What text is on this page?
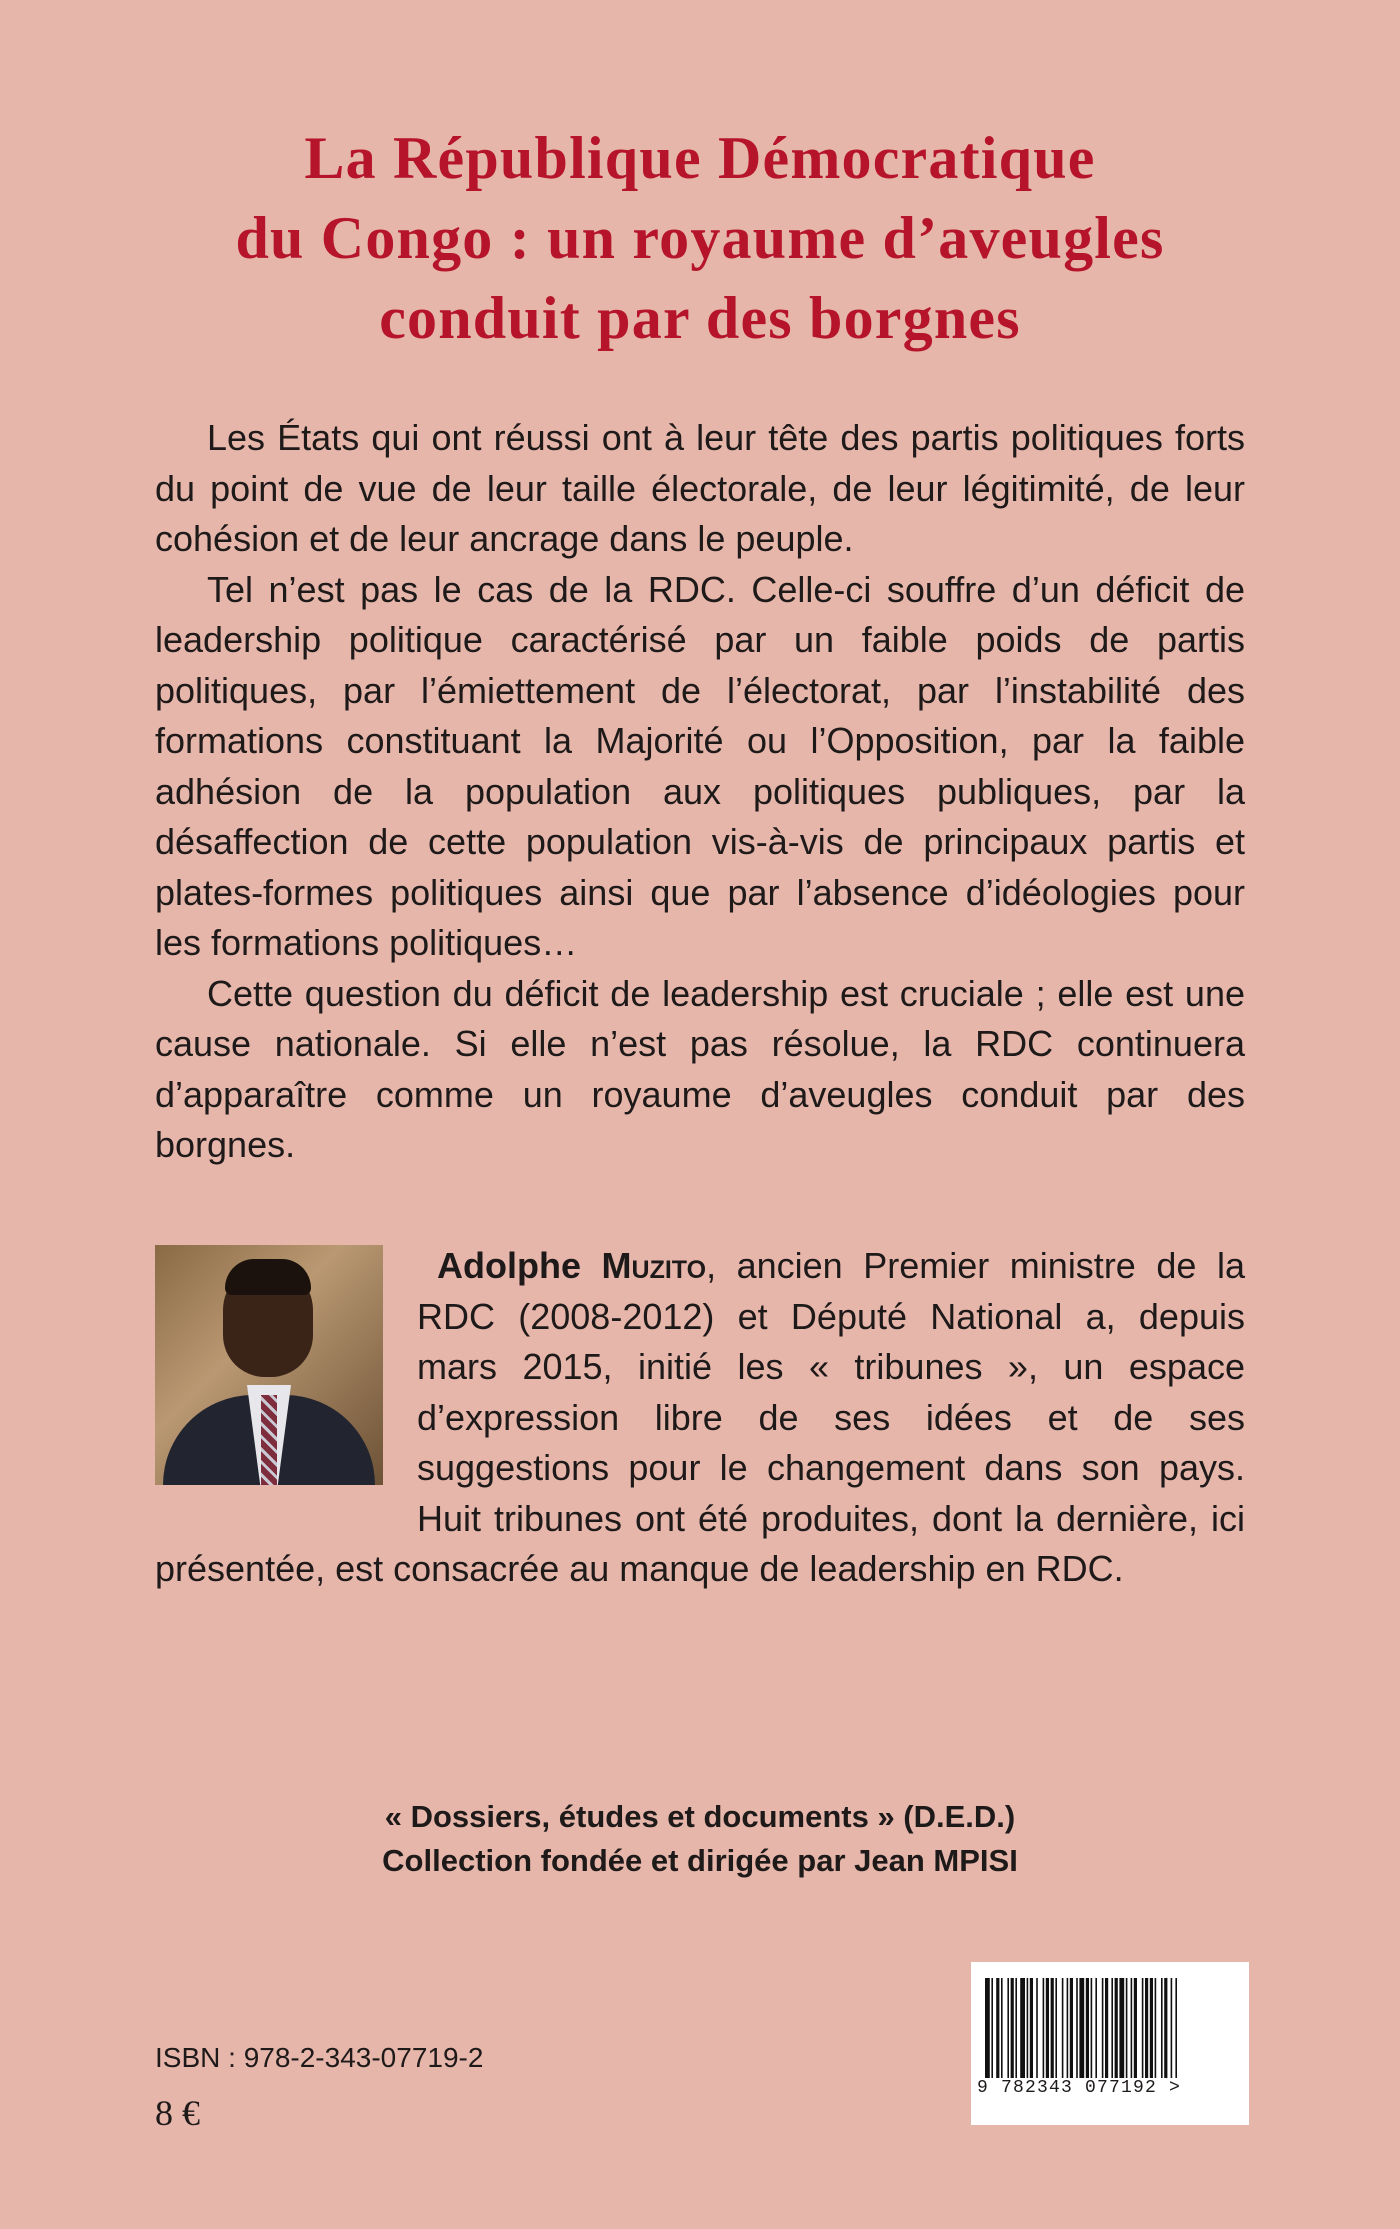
La République Démocratique
du Congo : un royaume d’aveugles
conduit par des borgnes

Les États qui ont réussi ont à leur tête des partis politiques forts du point de vue de leur taille électorale, de leur légitimité, de leur cohésion et de leur ancrage dans le peuple.

Tel n’est pas le cas de la RDC. Celle-ci souffre d’un déficit de leadership politique caractérisé par un faible poids de partis politiques, par l’émiettement de l’électorat, par l’instabilité des formations constituant la Majorité ou l’Opposition, par la faible adhésion de la population aux politiques publiques, par la désaffection de cette population vis-à-vis de principaux partis et plates-formes politiques ainsi que par l’absence d’idéologies pour les formations politiques…

Cette question du déficit de leadership est cruciale ; elle est une cause nationale. Si elle n’est pas résolue, la RDC continuera d’apparaître comme un royaume d’aveugles conduit par des borgnes.

Adolphe Muzito, ancien Premier ministre de la RDC (2008-2012) et Député National a, depuis mars 2015, initié les « tribunes », un espace d’expression libre de ses idées et de ses suggestions pour le changement dans son pays. Huit tribunes ont été produites, dont la dernière, ici présentée, est consacrée au manque de leadership en RDC.
« Dossiers, études et documents » (D.E.D.)
Collection fondée et dirigée par Jean MPISI
9 782343 077192 >
ISBN : 978-2-343-07719-2
8 €
